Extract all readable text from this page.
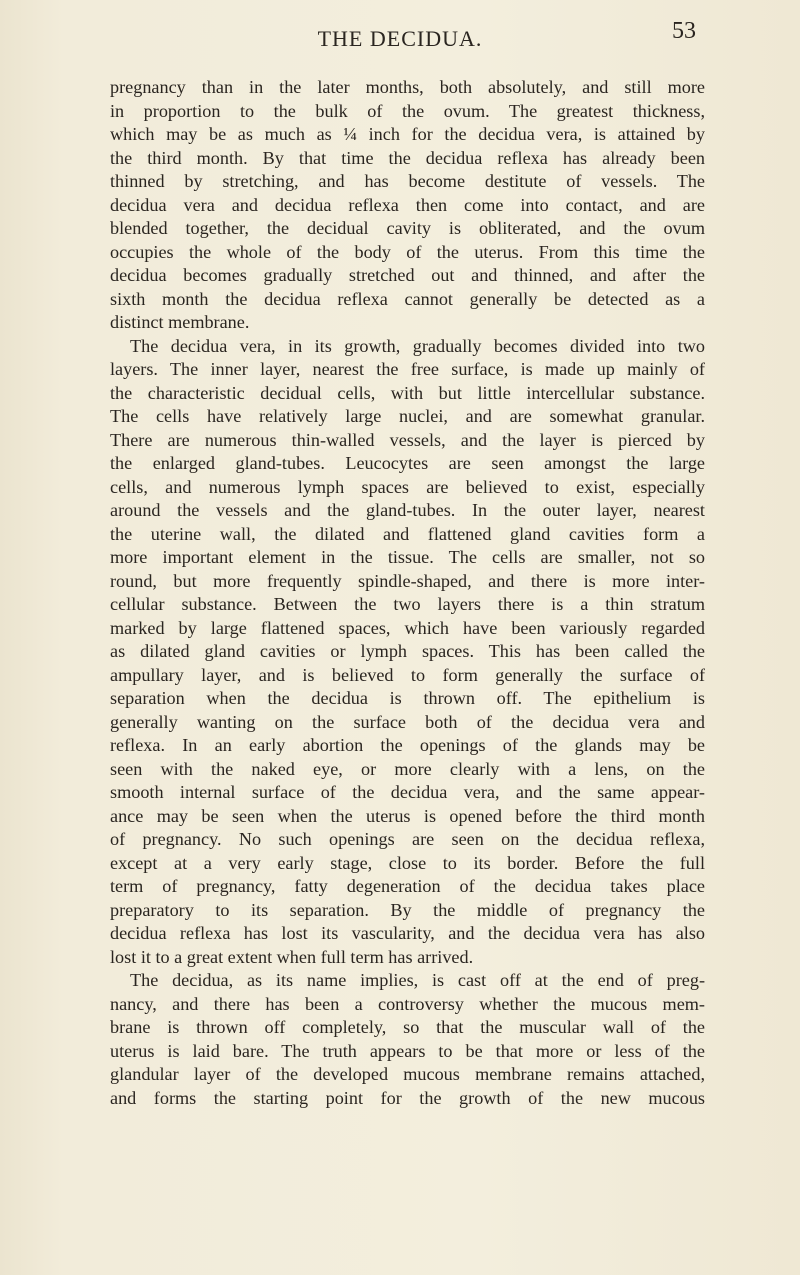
THE DECIDUA.	53
pregnancy than in the later months, both absolutely, and still more
in proportion to the bulk of the ovum. The greatest thickness,
which may be as much as ¼ inch for the decidua vera, is attained by
the third month. By that time the decidua reflexa has already been
thinned by stretching, and has become destitute of vessels. The
decidua vera and decidua reflexa then come into contact, and are
blended together, the decidual cavity is obliterated, and the ovum
occupies the whole of the body of the uterus. From this time the
decidua becomes gradually stretched out and thinned, and after the
sixth month the decidua reflexa cannot generally be detected as a
distinct membrane.
The decidua vera, in its growth, gradually becomes divided into two
layers. The inner layer, nearest the free surface, is made up mainly of
the characteristic decidual cells, with but little intercellular substance.
The cells have relatively large nuclei, and are somewhat granular.
There are numerous thin-walled vessels, and the layer is pierced by
the enlarged gland-tubes. Leucocytes are seen amongst the large
cells, and numerous lymph spaces are believed to exist, especially
around the vessels and the gland-tubes. In the outer layer, nearest
the uterine wall, the dilated and flattened gland cavities form a
more important element in the tissue. The cells are smaller, not so
round, but more frequently spindle-shaped, and there is more inter-
cellular substance. Between the two layers there is a thin stratum
marked by large flattened spaces, which have been variously regarded
as dilated gland cavities or lymph spaces. This has been called the
ampullary layer, and is believed to form generally the surface of
separation when the decidua is thrown off. The epithelium is
generally wanting on the surface both of the decidua vera and
reflexa. In an early abortion the openings of the glands may be
seen with the naked eye, or more clearly with a lens, on the
smooth internal surface of the decidua vera, and the same appear-
ance may be seen when the uterus is opened before the third month
of pregnancy. No such openings are seen on the decidua reflexa,
except at a very early stage, close to its border. Before the full
term of pregnancy, fatty degeneration of the decidua takes place
preparatory to its separation. By the middle of pregnancy the
decidua reflexa has lost its vascularity, and the decidua vera has also
lost it to a great extent when full term has arrived.
The decidua, as its name implies, is cast off at the end of preg-
nancy, and there has been a controversy whether the mucous mem-
brane is thrown off completely, so that the muscular wall of the
uterus is laid bare. The truth appears to be that more or less of the
glandular layer of the developed mucous membrane remains attached,
and forms the starting point for the growth of the new mucous
